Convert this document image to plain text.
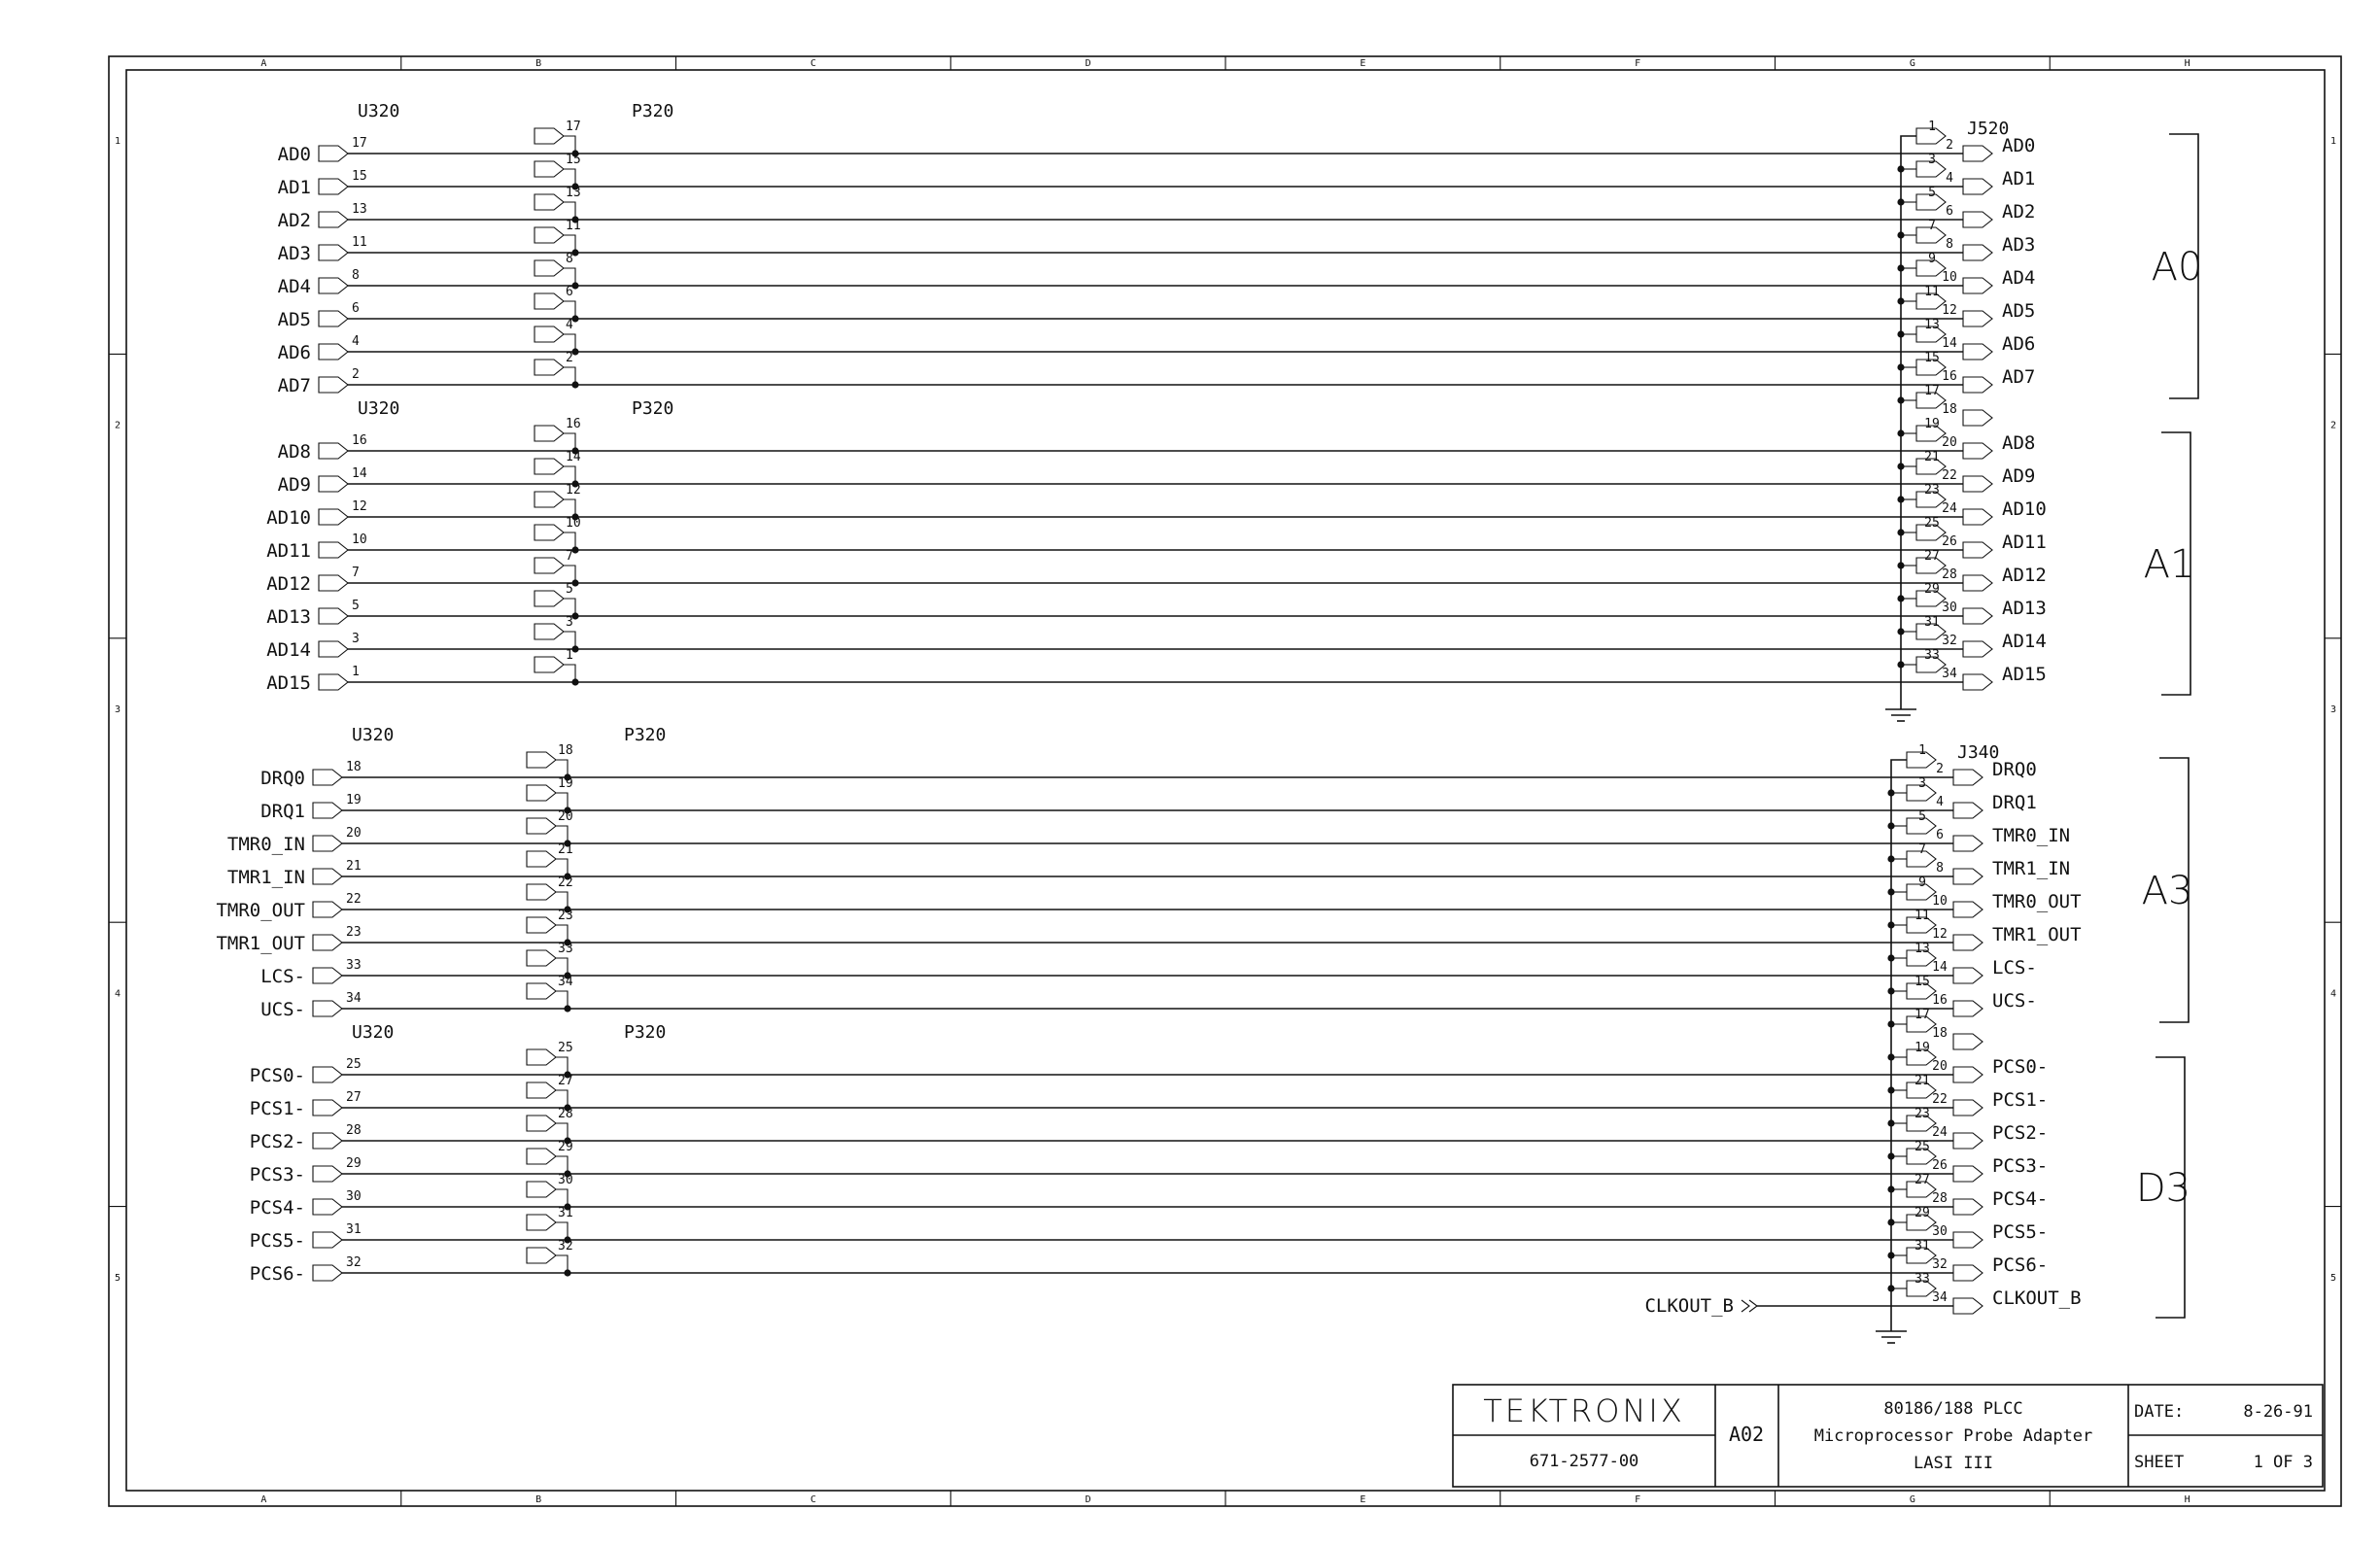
A
A
B
B
C
C
D
D
E
E
F
F
G
G
H
H
1	1
2	2
3	3
4	4
5	5
U320	P320
U320	P320
J520
AD0
17
17
2	AD0
AD1
15
15
4	AD1
AD2
13
13
6	AD2
AD3
11
11
8	AD3
AD4
8
8
10 AD4
AD5
6
6
12 AD5
AD6
4
4
14 AD6
AD7
2
2
16 AD7
AD8
16
16
20 AD8
AD9
14
14
22 AD9
AD10
12
12
24 AD10
AD11
10
10
26 AD11
AD12
7
7
28 AD12
AD13
5
5
30 AD13
AD14
3
3
32 AD14
AD15
1
1
34 AD15
1
3
5
7
9
11
13
15
17
19
21
23
25
27
29
31
33
18
A0
A1
U320	P320
U320	P320
J340
DRQ0
18
18
2	DRQ0
DRQ1
19
19
4	DRQ1
TMR0_IN
20
20
6	TMR0_IN
TMR1_IN
21
21
8	TMR1_IN
TMR0_OUT
22
22
10 TMR0_OUT
TMR1_OUT
23
23
12 TMR1_OUT
LCS-
33
33
14 LCS-
UCS-
34
34
16 UCS-
PCS0-
25
25
20 PCS0-
PCS1-
27
27
22 PCS1-
PCS2-
28
28
24 PCS2-
PCS3-
29
29
26 PCS3-
PCS4-
30
30
28 PCS4-
PCS5-
31
31
30 PCS5-
PCS6-
32
32
32 PCS6-
1
3
5
7
9
11
13
15
17
19
21
23
25
27
29
31
33
18
CLKOUT_B	34 CLKOUT_B
A3
D3
TEKTRONIX
671-2577-00
A02
80186/188 PLCC
Microprocessor Probe Adapter
LASI III
DATE:	8-26-91
SHEET	1 OF 3
